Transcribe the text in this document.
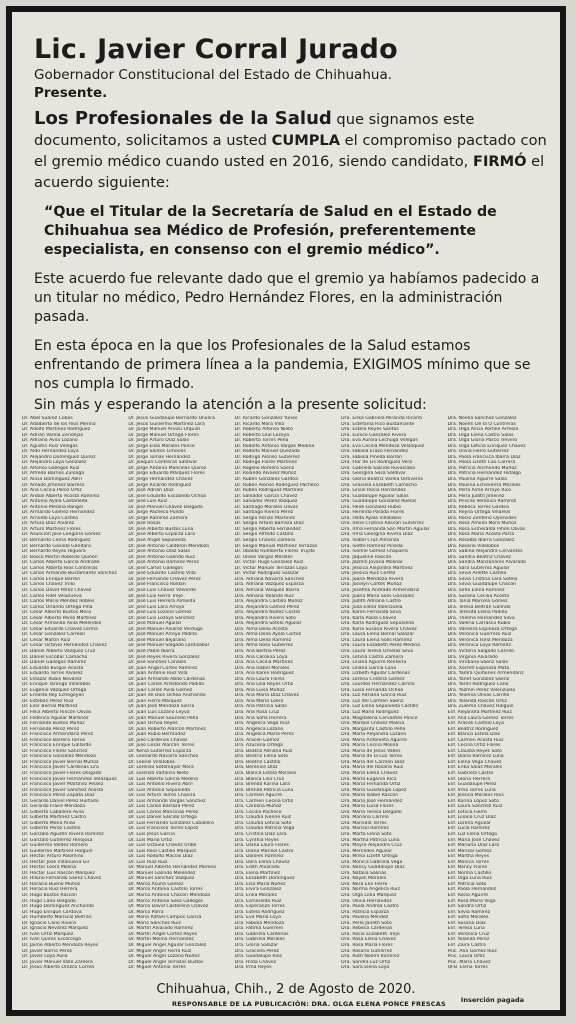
Lic. Javier Corral Jurado
Gobernador Constitucional del Estado de Chihuahua.
Presente.
Los Profesionales de la Salud que signamos este documento, solicitamos a usted CUMPLA el compromiso pactado con el gremio médico cuando usted en 2016, siendo candidato, FIRMÓ el acuerdo siguiente:
“Que el Titular de la Secretaría de Salud en el Estado de Chihuahua sea Médico de Profesión, preferentemente especialista, en consenso con el gremio médico”.
Este acuerdo fue relevante dado que el gremio ya habíamos padecido a un titular no médico, Pedro Hernández Flores, en la administración pasada.
En esta época en la que los Profesionales de la Salud estamos enfrentando de primera línea a la pandemia, EXIGIMOS mínimo que se nos cumpla lo firmado.
Sin más y esperando la atención a la presente solicitud:
Dr. Abel Suárez Cobos
Dr. Adalberto de los Ríos Merino
Dr. Adolfo Martínez Rodríguez
Dr. Adrián Varela Zendejas
Dr. Adriana Avila Lozano
Dr. Agustín Ruiz Villegas
Dr. Aldo Hernández Loya
Dr. Alejandro Domínguez Quiroz
Dr. Alejandro Loya Gonzalez
Dr. Alfonso Gallegos Ruiz
Dr. Alfredo Barrios Zuloaga
Dr. Alicia Dominguez Abril
Dr. Amado Jiménez Barrera
Dr. Ana Cecilia Pérez Ortiz
Dr. Aníbal Alberto Acosta Ramírez
Dr. Antonio Ayala Castañeda
Dr. Antonio Medina Rangel
Dr. Armando Gómez Hernández
Dr. Arnoldo Loya Castillo
Dr. Arturo Díaz Alvarez
Dr. Arturo Martinez Flores
Dr. Asunción José Longoria Gómez
Dr. Bernardo Cerna Rodríguez
Dr. Bernardo Gaxiola Gándara
Dr. Bernardo Reyes Higuera
Dr. Bosco Martin Robledo Quiñón
Dr. Carlos Alberto García Andrade
Dr. Carlos Alberto Ríos Contreras
Dr. Carlos Armando Bustamante Sánchez
Dr. Carlos Enrique Barrón
Dr. Carlos Chávez Trillo
Dr. Carlos David Pérez Chávez
Dr. Carlos Fidel Villanueva
Dr. Carlos Mario Méndez Robles
Dr. Carlos Orlando Ortega Piña
Dr. César Alberto Bustos Mora
Dr. César Alberto Pérez Martínez
Dr. César Armando Ávila Meléndez
Dr. César Eduardo Chavez Lerma
Dr. César Gonzalez Carreon
Dr. César Martín Ruiz
Dr. César Octavio Hernández Chávez
Dr. Daniel Alberto Vázquez Cruz
Dr. Daniel Escobar Camacho
Dr. Daniel Gallegos Ramírez
Dr. Eduardo Burgos Acosta
Dr. Eduardo Torres Álvarez
Dr. Eleazar Rubio Nevárez
Dr. Enrique Tarango Villalobos
Dr. Eugenio Vázquez Ortega
Dr. Ernesto Rey Echegoyen
Dr. Esteban Pérez Ruiz
Dr. Ezer Bernal Martínez
Dr. Félix Alberto Rincón Olivas
Dr. Federico Aguilar Martínez
Dr. Fernando Bustos Muñoz
Dr. Fernando Pérez Pérez
Dr. Francisco Armendáriz Pérez
Dr. Francisco Barrera Torres
Dr. Francisco Enrique Gallardo
Dr. Francisco Flores Sánchez
Dr. Francisco González Mendoza
Dr. Francisco Javier Bernal Muñoz
Dr. Francisco Javier Cárdenas Lira
Dr. Francisco Javier Flores Delgado
Dr. Francisco Javier Hernández Velázquez
Dr. Francisco Javier Martínez Peláez
Dr. Francisco Javier Sánchez Acosta
Dr. Francisco Pérez Zapata Díaz
Dr. Gerardo Daniel Pérez Hurtado
Dr. Gerardo Fraire Mendoza
Dr. Gilberto Caballero Ávila
Dr. Gilberto Martínez Castro
Dr. Gilberto Mena Arias
Dr. Gilberto Pérez Castillo
Dr. Gonzalo Agustín Rivera Ramírez
Dr. Gonzalo Gutiérrez Hinojosa
Dr. Guillermo Valdez Romero
Dr. Guillermo Martínez Holguín
Dr. Héctor Arturo Palomino
Dr. Héctor José Villanueva Gil
Dr. Héctor Loera Molina
Dr. Héctor Luis Rascón Márquez
Dr. Hilario Fernando Sáenz Chávez
Dr. Horacio Bueno Muñoz
Dr. Horacio Ruiz Herrera
Dr. Hugo Bustos Rascón
Dr. Hugo Cano Delgado
Dr. Hugo Domínguez Anchondo
Dr. Hugo Enrique Córdova
Dr. Humberto Mariscal Beltrán
Dr. Ignacio Cano Rivera
Dr. Ignacio Nevárez Márquez
Dr. Iván Ortiz Márquez
Dr. Iván Quirós Escárcega
Dr. Jaime Alberto Mendoza Reyes
Dr. Javier Barrio Pérez
Dr. Javier Loya Ávila
Dr. Javier Manuel Valle Zamora
Dr. Jesús Alberto Orozco Correa
Dr. Jesús Guadalupe Bernardo Olivera
Dr. Jesús Guillermo Martínez Lara
Dr. Jorge Manuel Arvizu Urquidi
Dr. Jorge Manuel Ortega Flores
Dr. Jorge Arturo Díaz Salas
Dr. Jorge Elías Morales Ponce
Dr. Jorge Santos Limones
Dr. Jorge Tomás Hernández
Dr. Joaquín Contreras Saldívar
Dr. Jorge Antonio Mancillas Quiroz
Dr. Jorge Eduardo Márquez Flores
Dr. Jorge Hernández Chávez
Dr. Jorge Ricardo Rodríguez
Dr. José Adrián Díaz
Dr. José Eduardo Escobedo Ochoa
Dr. José Luis Ruiz
Dr. José Manuel Chávez Delgado
Dr. Jorge Pacheco Pulido
Dr. Jorge Ramírez Zamora
Dr. José Rosas
Dr. José Alberto Bustos Luna
Dr. José Alberto Esparza Lara
Dr. José Ángel Sepúlveda
Dr. José Antonio Calderón Mendoza
Dr. José Antonio Díaz Salas
Dr. José Antonio Galindo Ruiz
Dr. José Antonio Ramírez Pérez
Dr. José Carlos Gallegos
Dr. José Eduardo Castillo Villa
Dr. José Fernando Chávez Pérez
Dr. José Francisco Roldan
Dr. José Luis Chávez Valverde
Dr. José Luis Fierro Trejo
Dr. José Luis Herrera Almeida
Dr. José Luis Lara Arroyo
Dr. José Luis Lozano Gómez
Dr. José Luis Lozoya Sánchez
Dr. José Manuel Aguilar
Dr. José Manuel Alvarez Verdugo
Dr. José Manuel Arroyo Padilla
Dr. José Manuel Bejarano
Dr. José Manuel Salgado Lardizabal
Dr. José Pablo Ibarra
Dr. José Reyes Rivera Gonzalez
Dr. José Sanchez Canales
Dr. Juan Ángel Cortes Ramírez
Dr. Juan Antonio Ruiz Villa
Dr. Juan Armando Abdo Cárdenas
Dr. Juan Carlos Arredondo Padilla
Dr. Juan Carlos Ávila Gómez
Dr. Juan de Dios Ochoa Anchondo
Dr. Juan Fierro Márquez
Dr. Juan José Mendoza Sierra
Dr. Juan Luis Lozano Leyva
Dr. Juan Manuel Saucedo Peña
Dr. Juan Ochoa Reyes
Dr. Juan Roberto Alarcón Martínez
Dr. Juan Rubio Bermúdez
Dr. Julio Cárdenas Chávez
Dr. Julio César Alarcón Torres
Dr. Kenia Gutiérrez Esparza
Dr. Leonardo Navarro Sánchez
Dr. Leonel Villalobos
Dr. Lorenzo Sotomayor Mora
Dr. Lorenzo Valtierra Nieto
Dr. Luis Alberto García Medina
Dr. Luis Antonio Rivera Abril
Dr. Luis Antonio Sepúlveda
Dr. Luis Arturo Torres Chavira
Dr. Luis Armando Vargas Sánchez
Dr. Luis Carlos Barraza Pérez
Dr. Luis Carlos Mancinas Pérez
Dr. Luis Daniel Salcido Ortega
Dr. Luis Fernando Gonzalez Caballero
Dr. Luis Francisco Torres López
Dr. Luis Jesús Garcia
Dr. Luis Mario Ortiz
Dr. Luis Octavio Chávez Uribe
Dr. Luis Raúl Castillo Marquez
Dr. Luis Rodolfo Macías Díaz
Dr. Luis Ruiz Ruiz
Dr. Manuel Alberto Hernández Moreno
Dr. Manuel Galindo Meléndez
Dr. Manuel Sánchez Vázquez
Dr. Marco Acuña Gómez
Dr. Marco Antonio Castillo Torres
Dr. Marco Antonio Chacón Mendoza
Dr. Marco Antonio Sosa Gallegos
Dr. Marco David Castorena Chávez
Dr. Marco Parra
Dr. Mario Rafael Campos Garcia
Dr. Mario Sánchez Ruiz
Dr. Martín Alvarado Ramírez
Dr. Martín Ángel Cortez Reyes
Dr. Martín Molina Hernández
Dr. Miguel Angel Aguilar Gonzalez
Dr. Miguel Ángel Fierro Ruiz
Dr. Miguel Angel Lozano Nuñez
Dr. Miguel Angel Terrazas Bustos
Dr. Miguel Antonio Torres
Dr. Ricardo González Yunes
Dr. Ricardo Mora Villa
Dr. Roberto Alfonso Nieto
Dr. Roberto Leal Lozoya
Dr. Roberto Torres Peña
Dr. Rodolfo Antonio Vargas Medina
Dr. Rodolfo Manuel Quezada
Dr. Rodrigo Alonso Gutiérrez
Dr. Rodrigo Flores Martínez
Dr. Rogelio Romero Saenz
Dr. Rolando Alvarez Muñoz
Dr. Rubén Gonzalez Gardea
Dr. Rubén Alonso Rodríguez Pacheco
Dr. Rubén Rodríguez Martínez
Dr. Salvador García Chavez
Dr. Salvador Pérez Vázquez
Dr. Santiago Morales Olivas
Dr. Santiago Rivera Pérez
Dr. Sergio Adrián Martínez
Dr. Sergio Arturo Barraza Díaz
Dr. Sergio Alberto Fernández
Dr. Sergio Alfredo Castillo
Dr. Sergio Chávez Zamora
Dr. Sergio Manuel Martínez Terrazas
Dr. Ubaldo Humberto Flores Trujillo
Dr. Ulises Vargas Morales
Dr. Víctor Hugo Gonzalez Ruiz
Dr. Víctor Manuel Terrazas Loya
Dr. Víctor Rodríguez Salazar
Dra. Adriana Navarro Sánchez
Dra. Adriana Vázquez Esparza
Dra. Adriana Vásquez Ibarra
Dra. Adriana Yolanda Ruiz
Dra. Alejandra Castillo Muñoz
Dra. Alejandra Gómez Pérez
Dra. Alejandra Núñez Castro
Dra. Alejandra Rivera Soto
Dra. Alejandra Sotelo Aguilar
Dra. Alma Delia Acosta
Dra. Alma Delia Ayala Cortez
Dra. Alma Delia Ramírez
Dra. Alma Rosa Gutiérrez
Dra. Ana Bertha Pérez
Dra. Ana Carolina Loya
Dra. Ana Cecilia Martínez
Dra. Ana Isabel Morales
Dra. Ana Karen Rodríguez
Dra. Ana Laura Flores
Dra. Ana Lilia Reyes Ortiz
Dra. Ana Luisa Muñoz
Dra. Ana María Díaz Chávez
Dra. Ana María Loera
Dra. Ana Patricia Salas
Dra. Ana Rosa Cruz
Dra. Ana Sofía Herrera
Dra. Angélica Vega Ruiz
Dra. Angélica Lozano
Dra. Angélica María Pérez
Dra. Araceli Gómez
Dra. Azucena Ortega
Dra. Beatriz Adriana Ruiz
Dra. Beatriz Elena Soto
Dra. Beatriz Castillo
Dra. Berenice Díaz
Dra. Blanca Estela Morales
Dra. Blanca Lilia Cruz
Dra. Brenda Karina Lara
Dra. Brenda Patricia Luna
Dra. Carmen Aguirre
Dra. Carmen Cecilia Ortiz
Dra. Carolina Muñoz
Dra. Cecilia Pacheco
Dra. Claudia Ivonne Ruiz
Dra. Claudia Leticia Soto
Dra. Claudia Patricia Vega
Dra. Cristina Díaz Lara
Dra. Cynthia Reyes
Dra. Diana Laura Flores
Dra. Diana Marisol Castro
Dra. Dolores Ramírez
Dra. Dora Elena Chávez
Dra. Edith Alvarado
Dra. Elena Martínez
Dra. Elizabeth Domínguez
Dra. Elsa María Núñez
Dra. Elvira Gonzalez
Dra. Erika Morales
Dra. Esmeralda Ruiz
Dra. Esperanza Torres
Dra. Estela Rodríguez
Dra. Eva María Loya
Dra. Fabiola Mendoza
Dra. Fátima Guerrero
Dra. Gabriela Cárdenas
Dra. Gabriela Morales
Dra. Gloria Salazar
Dra. Graciela Pérez
Dra. Guadalupe Ríos
Dra. Hilda Chávez
Dra. Irma Reyes
Dra. Erika Gabriela Miranda Ricardi
Dra. Estefanía Rico Bustamante
Dra. Estela Reyes Santos
Dra. Eunice González Rivera
Dra. Eva Aurora Lechuga Villegas
Dra. Eva Cecilia Mendoza Velázquez
Dra. Fabiola Erazo Fernández
Dra. Fabiola Pineda Barrón
Dra. Flor de Lis Rodríguez Vera
Dra. Gabriela Salcido Ruvalcaba
Dra. Georgina Sosa Saldívar
Dra. Gloria Beatriz Varela Ontiveros
Dra. Graciela Elizabeth Camacho
Dra. Grisel Rocío Hernández
Dra. Guadalupe Aguilar Salas
Dra. Guadalupe Gonzalez Ruelas
Dra. Heidi Gonzalez Rubio
Dra. Herlinda Parada Flores
Dra. Hilda Ayala Villalobos
Dra. Irene Cristina Rascón Gutiérrez
Dra. Irma Fernanda San Martín Aguilar
Dra. Irma Georgina Rivera Díaz
Dra. Isabel Cruz Almanza
Dra. Ivette Ramírez Pineda
Dra. Ivonne Gómez Chaparro
Dra. Jaqueline Rascón
Dra. Jazmín Jovana Molinar
Dra. Jessica Alejandra Martínez
Dra. Jessica Ruiz Cortéz
Dra. Joana Mendoza Rivera
Dra. Jocelyn Cortés Muñoz
Dra. Josefina Andrade Armendáriz
Dra. Juana María Solís Gonzalez
Dra. Judith Adriana Castro
Dra. Julia Elena Valenzuela
Dra. Karen Fernanda Silva
Dra. Karla Paola Chávez
Dra. Karla Rodríguez Sepúlveda
Dra. Karla Susana Rivera Chávez
Dra. Laura Elena Bernal Salazar
Dra. Laura Elena Solís Ramírez
Dra. Laura Elizabeth Pérez Medina
Dra. Laura Teresa Ornelas Silva
Dra. Leticia Castro Zamora
Dra. Liliana Aguirre Rentería
Dra. Liliana Garcia Luna
Dra. Lizbeth Aguilar Cárdenas
Dra. Lorena Cristina Gómez
Dra. Lourdes Hernández Carrillo
Dra. Luisa Fernanda Ochoa
Dra. Luz Adriana Garcia Ruiz
Dra. Luz del Carmen Sáenz
Dra. Luz Elena Sepúlveda Castillo
Dra. Luz María Rodríguez
Dra. Magdalena Cervantes Ponce
Dra. Maribel Chávez Molina
Dra. Margarita Castillo Peña
Dra. María Alejandra Lozano
Dra. María Antonieta Aguirre
Dra. María Cecilia Molina
Dra. María de Jesús Valles
Dra. María de la Luz Torres
Dra. María del Carmen Díaz
Dra. María del Rosario Ruiz
Dra. María Elena Chávez
Dra. María Eugenia Rico
Dra. María Fernanda Ortiz
Dra. María Guadalupe López
Dra. María Isabel Rascón
Dra. María José Hernández
Dra. María Luisa Flores
Dra. María Teresa Delgado
Dra. Mariana Carrillo
Dra. Marisela Torres
Dra. Marisol Ramírez
Dra. Marta Elena Soto
Dra. Martha Patricia Luna
Dra. Mayra Alejandra Cruz
Dra. Mercedes Aguilar
Dra. Mirna Lizeth Ortega
Dra. Mónica Gabriela Vega
Dra. Nancy Guadalupe Díaz
Dra. Natalia Salinas
Dra. Nayeli Morales
Dra. Nora Elia Fierro
Dra. Norma Angélica Ruiz
Dra. Olga Lidia Márquez
Dra. Olivia Hernández
Dra. Paola Andrea Castro
Dra. Patricia Esparza
Dra. Paulina Méndez
Dra. Perla Janeth Soto
Dra. Rebeca Cárdenas
Dra. Rocío Elizabeth Trejo
Dra. Rosa Elena Chávez
Dra. Rosa María Flores
Dra. Rosario Gutiérrez
Dra. Ruth Noemí Ramírez
Dra. Sandra Luz Ortiz
Dra. Sara Elena Loya
Dra. Noelia Sánchez González
Dra. Noemi De la O Contreras
Dra. Olga Alicia Portillo Arreola
Dra. Olga Elena Castro Salas
Dra. Olga Gloria Pasco Trevino
Dra. Olga Leticia Enriquez Chavez
Dra. Olivia Fierro Gutiérrez
Dra. Paola Francisca Ibarra Díaz
Dra. Paola Lizeth Cao Carrera
Dra. Patricia Anchondo Muñoz
Dra. Patricia Hernández Hidalgo
Dra. Paulina Aguirre Salas
Dra. Paulina Echeverría Morales
Dra. Perla Aimé Arroyo Rico
Dra. Perla Judith Jiménez
Dra. Priscila Verónica Ramírez
Dra. Rebeca Torres Gardea
Dra. Reyna Ortega Villareal
Dra. Rocío Zenteno Oyervides
Dra. Rosa Amelia Mora Muñoz
Dra. Rosa Esmeralda Piñón Olivas
Dra. Rosa María Acosta Parra
Dra. Rosalba Ibarra Gonzalez
Dra. Rosario Villalobos
Dra. Sabina Alejandra Cervantes
Dra. Sandra Beatriz Chávez
Dra. Sandra Manzanares Alvarado
Dra. Sara Gutiérrez Aguilar
Dra. Silvia Arlette Castillo
Dra. Silvia Cristina Lara Sotelo
Dra. Silvia Guadalupe Chacón
Dra. Sofía Elena Ramírez
Dra. Susana Cecilia Acosta
Dra. Tania Marcela Gómez
Dra. Teresa Beltrán Galindo
Dra. Teresita Elena Padilla
Dra. Thelma Hernández Silva
Dra. Valeria Carrasco Rubio
Dra. Vanessa Espinoza Ortega
Dra. Verónica Guerrero Ruiz
Dra. Verónica Isela Mendoza
Dra. Verónica Loya Ramírez
Dra. Victoria Salgado Carrillo
Dra. Virginia Alvarado
Dra. Viridiana Sáenz Salas
Dra. Xóchitl Espinoza Mata
Dra. Yadira Quiñones Armendáriz
Dra. Yanet Gonzalez Sáenz
Dra. Yareli Rodríguez Cano
Dra. Yazmín Pérez Valenzuela
Dra. Yesenia Olivas Carrillo
Dra. Yolanda Rascón Ortiz
Dra. Zulema Chávez Holguín
Enf. Alejandra Martínez Ruiz
Enf. Ana Laura Gómez Torres
Enf. Araceli Castillo Loya
Enf. Beatriz Rodríguez
Enf. Blanca Estela Díaz
Enf. Carmen Acosta Ruiz
Enf. Cecilia Ortiz Flores
Enf. Claudia Reyes Soto
Enf. Diana Ramírez Luna
Enf. Elena Vega Chávez
Enf. Erika Salas Morales
Enf. Gabriela Castro
Enf. Gloria Herrera
Enf. Guadalupe Pérez
Enf. Irma Torres Luna
Enf. Jessica Morales Ríos
Enf. Karina López Soto
Enf. Laura Sánchez Ruiz
Enf. Leticia Fierro
Enf. Liliana Cruz Díaz
Enf. Lorena Aguilar
Enf. Lucía Ramírez
Enf. Luz Elena Ortega
Enf. María José Chávez
Enf. Mariana Díaz Lara
Enf. Marisol Gómez
Enf. Martha Reyes
Enf. Mónica Torres
Enf. Nancy Flores
Enf. Norma Castillo
Enf. Olga Luna Ruiz
Enf. Patricia Soto
Enf. Paola Hernández
Enf. Rocío Aguirre
Enf. Rosa María Vega
Enf. Sandra Ortiz
Enf. Silvia Ramírez
Enf. Sofía Morales
Enf. Susana Díaz
Enf. Teresa Luna
Enf. Verónica Cruz
Enf. Yolanda Pérez
Enf. Zaira Castro
Psic. Ana Gómez Ruiz
Psic. Laura Ortiz
Psic. María Chávez
QFB. Elena Torres
Chihuahua, Chih., 2 de Agosto de 2020.
RESPONSABLE DE LA PUBLICACIÓN: DRA. OLGA ELENA PONCE FRESCAS Inserción pagada
